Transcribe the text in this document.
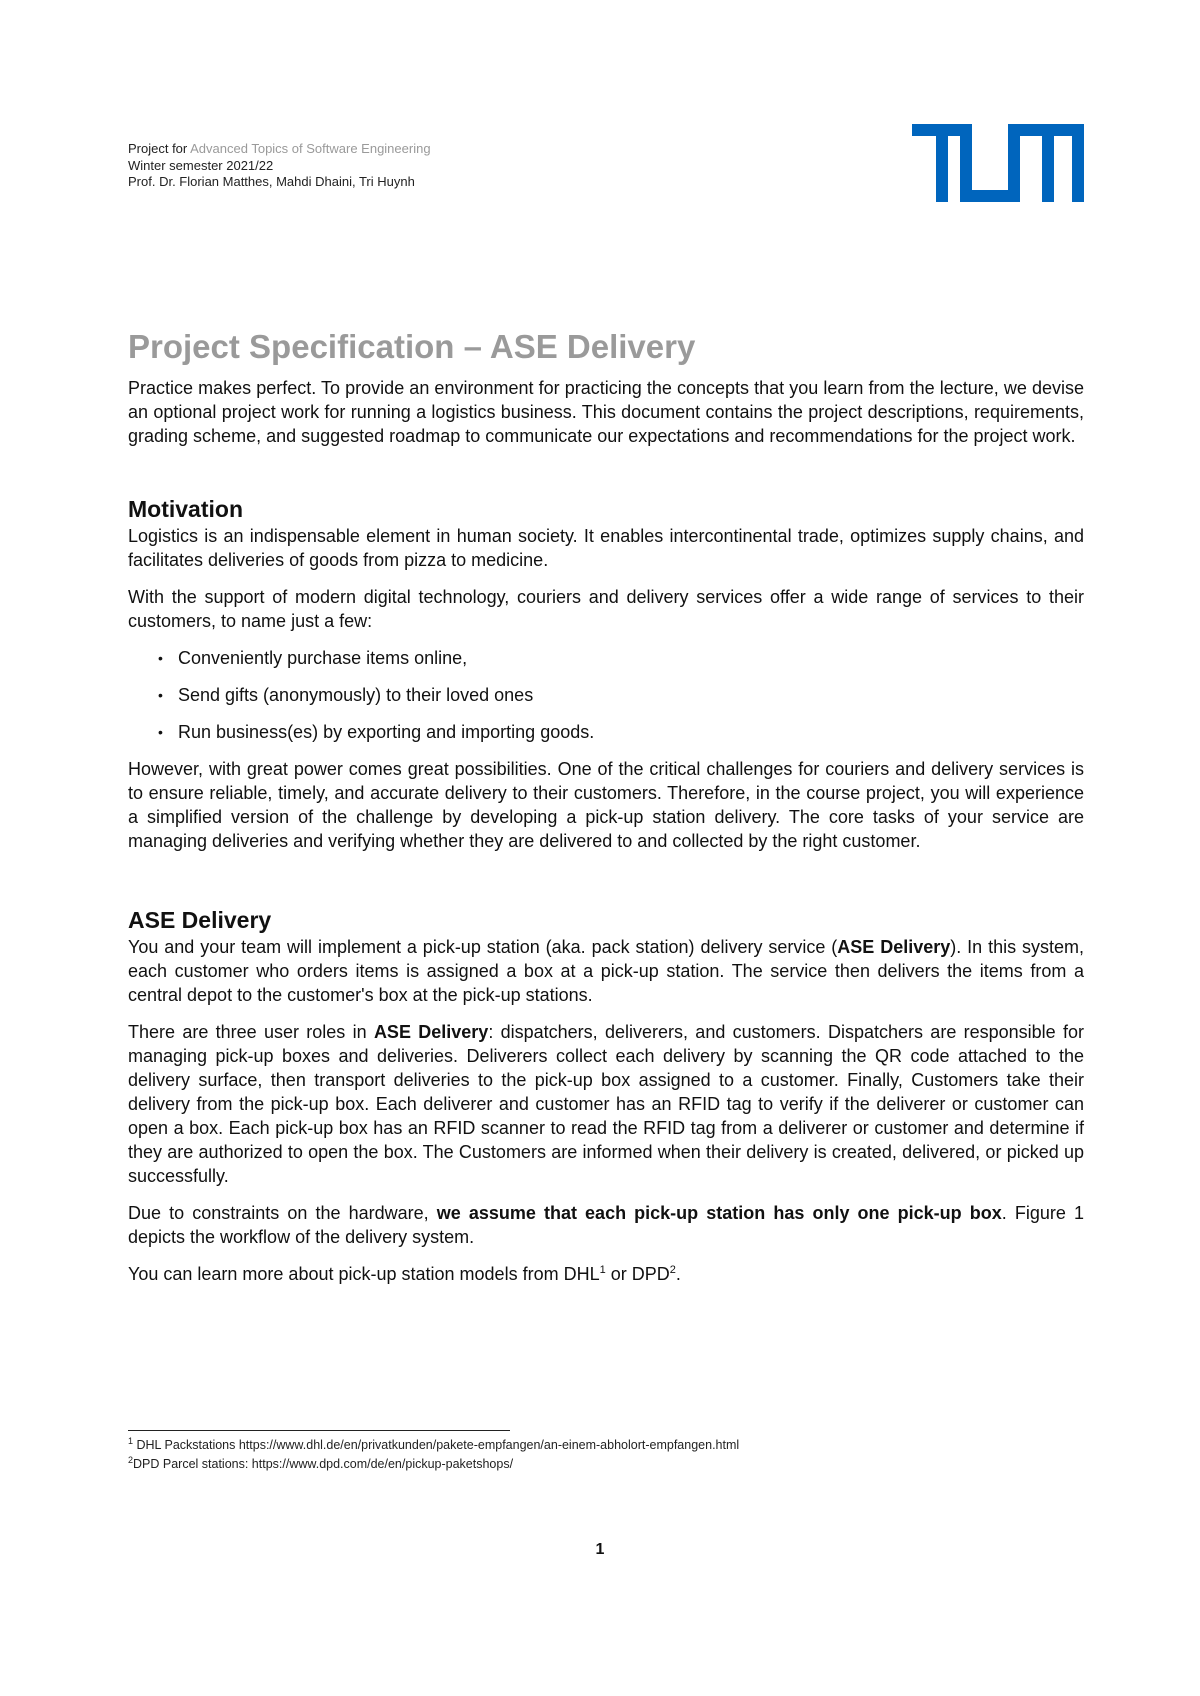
Project for Advanced Topics of Software Engineering
Winter semester 2021/22
Prof. Dr. Florian Matthes, Mahdi Dhaini, Tri Huynh
Project Specification – ASE Delivery

Practice makes perfect. To provide an environment for practicing the concepts that you learn from the lecture, we devise an optional project work for running a logistics business. This document contains the project descriptions, requirements, grading scheme, and suggested roadmap to communicate our expectations and recommendations for the project work.

Motivation

Logistics is an indispensable element in human society. It enables intercontinental trade, optimizes supply chains, and facilitates deliveries of goods from pizza to medicine.

With the support of modern digital technology, couriers and delivery services offer a wide range of services to their customers, to name just a few:

• Conveniently purchase items online,
• Send gifts (anonymously) to their loved ones
• Run business(es) by exporting and importing goods.

However, with great power comes great possibilities. One of the critical challenges for couriers and delivery services is to ensure reliable, timely, and accurate delivery to their customers. Therefore, in the course project, you will experience a simplified version of the challenge by developing a pick-up station delivery. The core tasks of your service are managing deliveries and verifying whether they are delivered to and collected by the right customer.

ASE Delivery

You and your team will implement a pick-up station (aka. pack station) delivery service (ASE Delivery). In this system, each customer who orders items is assigned a box at a pick-up station. The service then delivers the items from a central depot to the customer's box at the pick-up stations.

There are three user roles in ASE Delivery: dispatchers, deliverers, and customers. Dispatchers are responsible for managing pick-up boxes and deliveries. Deliverers collect each delivery by scanning the QR code attached to the delivery surface, then transport deliveries to the pick-up box assigned to a customer. Finally, Customers take their delivery from the pick-up box. Each deliverer and customer has an RFID tag to verify if the deliverer or customer can open a box. Each pick-up box has an RFID scanner to read the RFID tag from a deliverer or customer and determine if they are authorized to open the box. The Customers are informed when their delivery is created, delivered, or picked up successfully.

Due to constraints on the hardware, we assume that each pick-up station has only one pick-up box. Figure 1 depicts the workflow of the delivery system.

You can learn more about pick-up station models from DHL$^1$ or DPD$^2$.

$^1$ DHL Packstations https://www.dhl.de/en/privatkunden/pakete-empfangen/an-einem-abholort-empfangen.html
$^2$DPD Parcel stations: https://www.dpd.com/de/en/pickup-paketshops/
1
